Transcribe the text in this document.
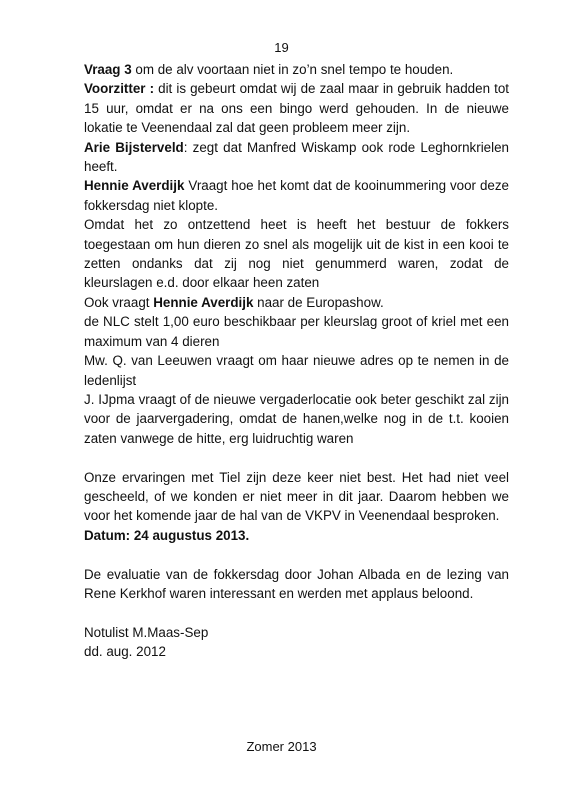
19

Vraag 3 om de alv voortaan niet in zo’n snel tempo te houden.

Voorzitter : dit is gebeurt omdat wij de zaal maar in gebruik hadden tot 15 uur, omdat er na ons een bingo werd gehouden. In de nieuwe lokatie te Veenendaal zal dat geen probleem meer zijn.

Arie Bijsterveld: zegt dat Manfred Wiskamp ook rode Leghornkrielen heeft.

Hennie Averdijk Vraagt hoe het komt dat de kooinummering voor deze fokkersdag niet klopte.

Omdat het zo ontzettend heet is heeft het bestuur de fokkers toegestaan om hun dieren zo snel als mogelijk uit de kist in een kooi te zetten ondanks dat zij nog niet genummerd waren, zodat de kleurslagen e.d. door elkaar heen zaten

Ook vraagt Hennie Averdijk naar de Europashow.

de NLC stelt 1,00 euro beschikbaar per kleurslag groot of kriel met een maximum van 4 dieren

Mw. Q. van Leeuwen vraagt om haar nieuwe adres op te nemen in de ledenlijst

J. IJpma vraagt of de nieuwe vergaderlocatie ook beter geschikt zal zijn voor de jaarvergadering, omdat de hanen,welke nog in de t.t. kooien zaten vanwege de hitte, erg luidruchtig waren

Onze ervaringen met Tiel zijn deze keer niet best. Het had niet veel gescheeld, of we konden er niet meer in dit jaar. Daarom hebben we voor het komende jaar de hal van de VKPV in Veenendaal besproken.

Datum: 24 augustus 2013.

De evaluatie van de fokkersdag door Johan Albada en de lezing van Rene Kerkhof waren interessant en werden met applaus beloond.

Notulist M.Maas-Sep

dd. aug. 2012

Zomer 2013
